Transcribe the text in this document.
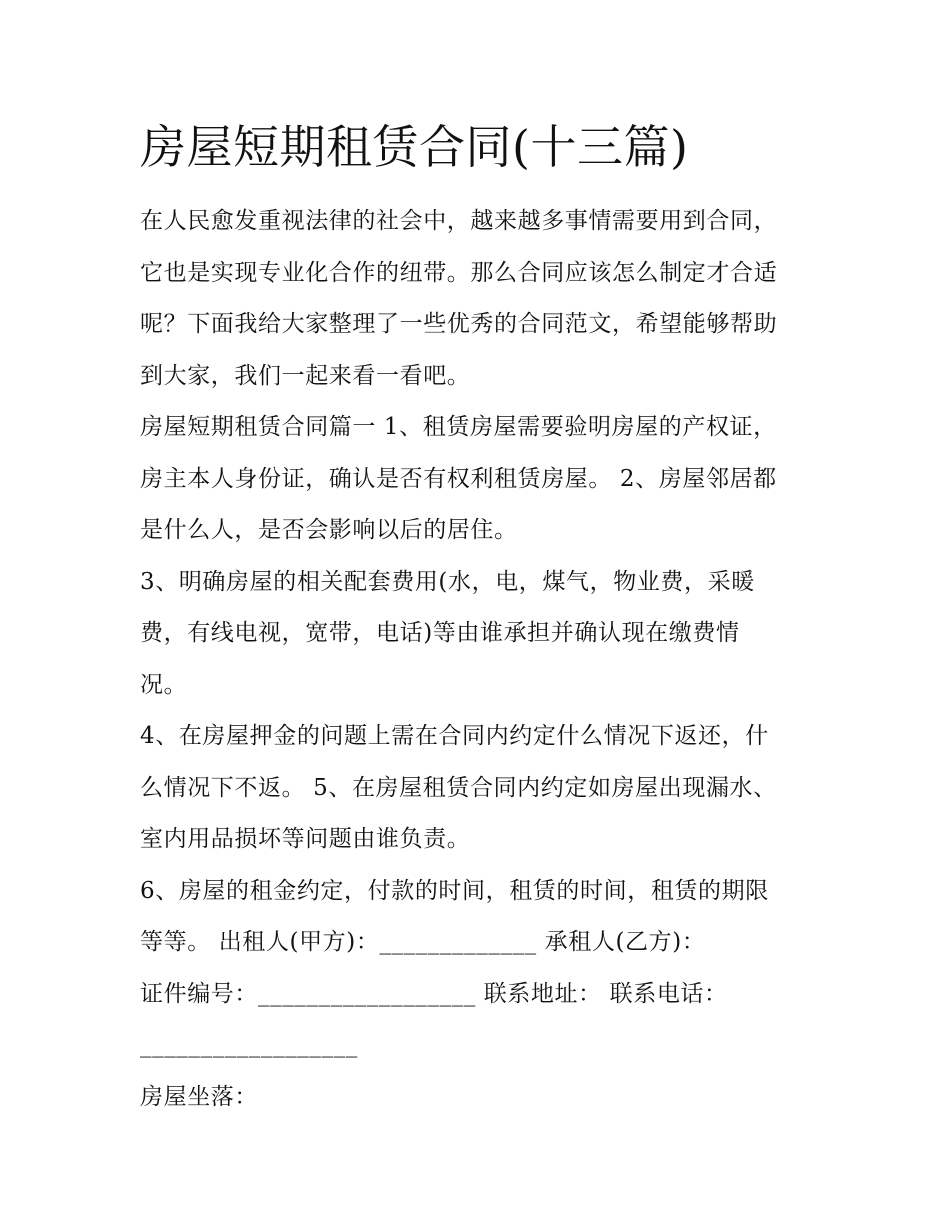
房屋短期租赁合同(十三篇)
在人民愈发重视法律的社会中，越来越多事情需要用到合同，
它也是实现专业化合作的纽带。那么合同应该怎么制定才合适
呢？下面我给大家整理了一些优秀的合同范文，希望能够帮助
到大家，我们一起来看一看吧。
房屋短期租赁合同篇一 1、租赁房屋需要验明房屋的产权证，
房主本人身份证，确认是否有权利租赁房屋。 2、房屋邻居都
是什么人，是否会影响以后的居住。
3、明确房屋的相关配套费用(水，电，煤气，物业费，采暖
费，有线电视，宽带，电话)等由谁承担并确认现在缴费情
况。
4、在房屋押金的问题上需在合同内约定什么情况下返还，什
么情况下不返。 5、在房屋租赁合同内约定如房屋出现漏水、
室内用品损坏等问题由谁负责。
6、房屋的租金约定，付款的时间，租赁的时间，租赁的期限
等等。 出租人(甲方)：_____________ 承租人(乙方)：
证件编号：__________________ 联系地址： 联系电话：
__________________
房屋坐落：
